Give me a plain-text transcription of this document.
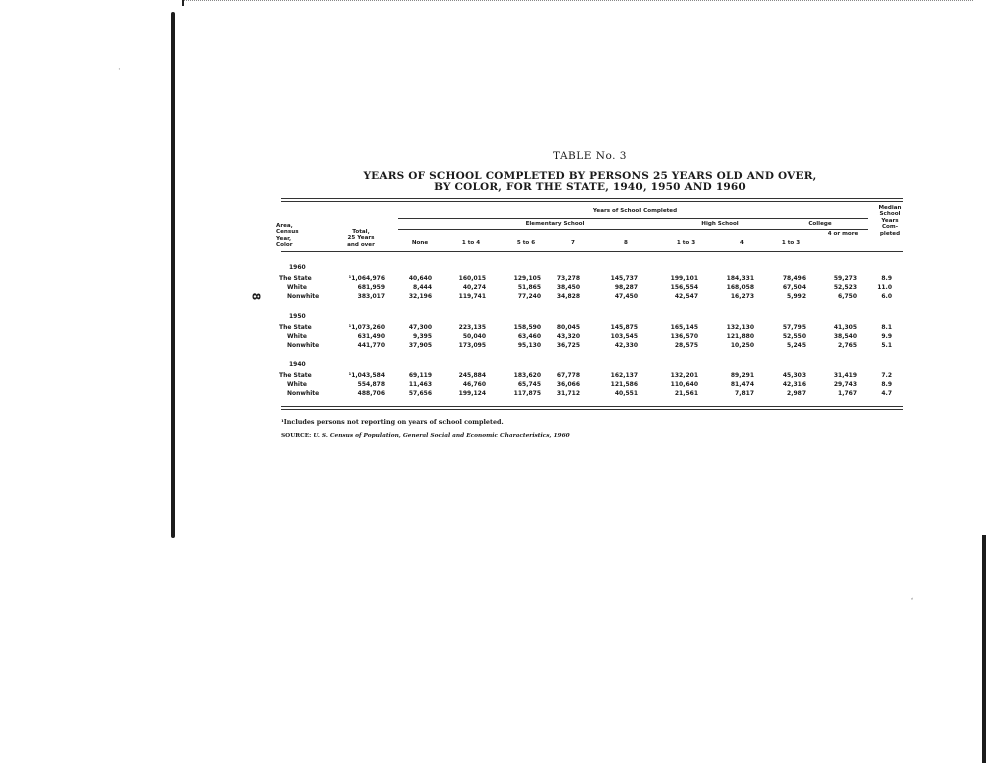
·
′
8
TABLE No. 3
YEARS OF SCHOOL COMPLETED BY PERSONS 25 YEARS OLD AND OVER,
BY COLOR, FOR THE STATE, 1940, 1950 AND 1960
Area,
Census
Year,
Color
Total,
25 Years
and over
Years of School Completed
Elementary School	High School	College
Median
School
Years
Com-
pleted
None	1 to 4	5 to 6	7	8	1 to 3	4	1 to 3
4 or more
1960
The State	¹1,064,976	40,640	160,015	129,105	73,278	145,737	199,101	184,331	78,496	59,273	8.9
White	681,959	8,444	40,274	51,865	38,450	98,287	156,554	168,058	67,504	52,523	11.0
Nonwhite	383,017	32,196	119,741	77,240	34,828	47,450	42,547	16,273	5,992	6,750	6.0
1950
The State	¹1,073,260	47,300	223,135	158,590	80,045	145,875	165,145	132,130	57,795	41,305	8.1
White	631,490	9,395	50,040	63,460	43,320	103,545	136,570	121,880	52,550	38,540	9.9
Nonwhite	441,770	37,905	173,095	95,130	36,725	42,330	28,575	10,250	5,245	2,765	5.1
1940
The State	¹1,043,584	69,119	245,884	183,620	67,778	162,137	132,201	89,291	45,303	31,419	7.2
White	554,878	11,463	46,760	65,745	36,066	121,586	110,640	81,474	42,316	29,743	8.9
Nonwhite	488,706	57,656	199,124	117,875	31,712	40,551	21,561	7,817	2,987	1,767	4.7
¹Includes persons not reporting on years of school completed.
SOURCE: U. S. Census of Population, General Social and Economic Characteristics, 1960
